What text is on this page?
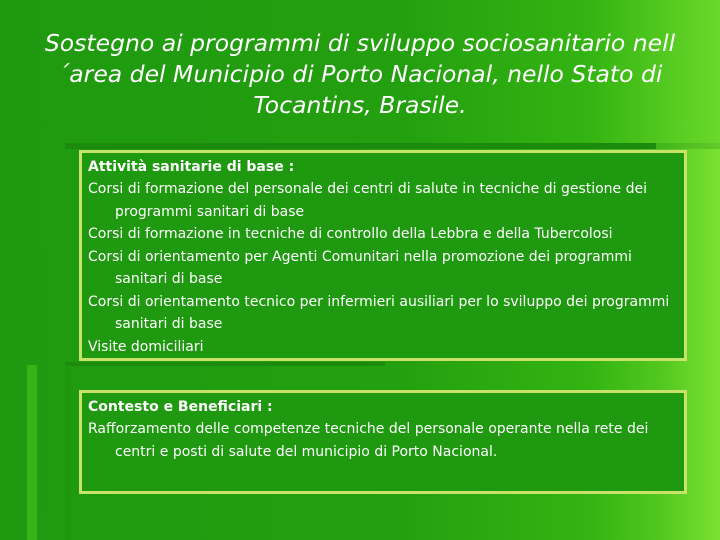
Sostegno ai programmi di sviluppo sociosanitario nell´area del Municipio di Porto Nacional, nello Stato di Tocantins, Brasile.

Attività sanitarie di base :

Corsi di formazione del personale dei centri di salute in tecniche di gestione dei programmi sanitari di base

Corsi di formazione in tecniche di controllo della Lebbra e della Tubercolosi

Corsi di orientamento per Agenti Comunitari nella promozione dei programmi sanitari di base

Corsi di orientamento tecnico per infermieri ausiliari per lo sviluppo dei programmi sanitari di base

Visite domiciliari

Contesto e Beneficiari :

Rafforzamento delle competenze tecniche del personale operante nella rete dei centri e posti di salute del municipio di Porto Nacional.
